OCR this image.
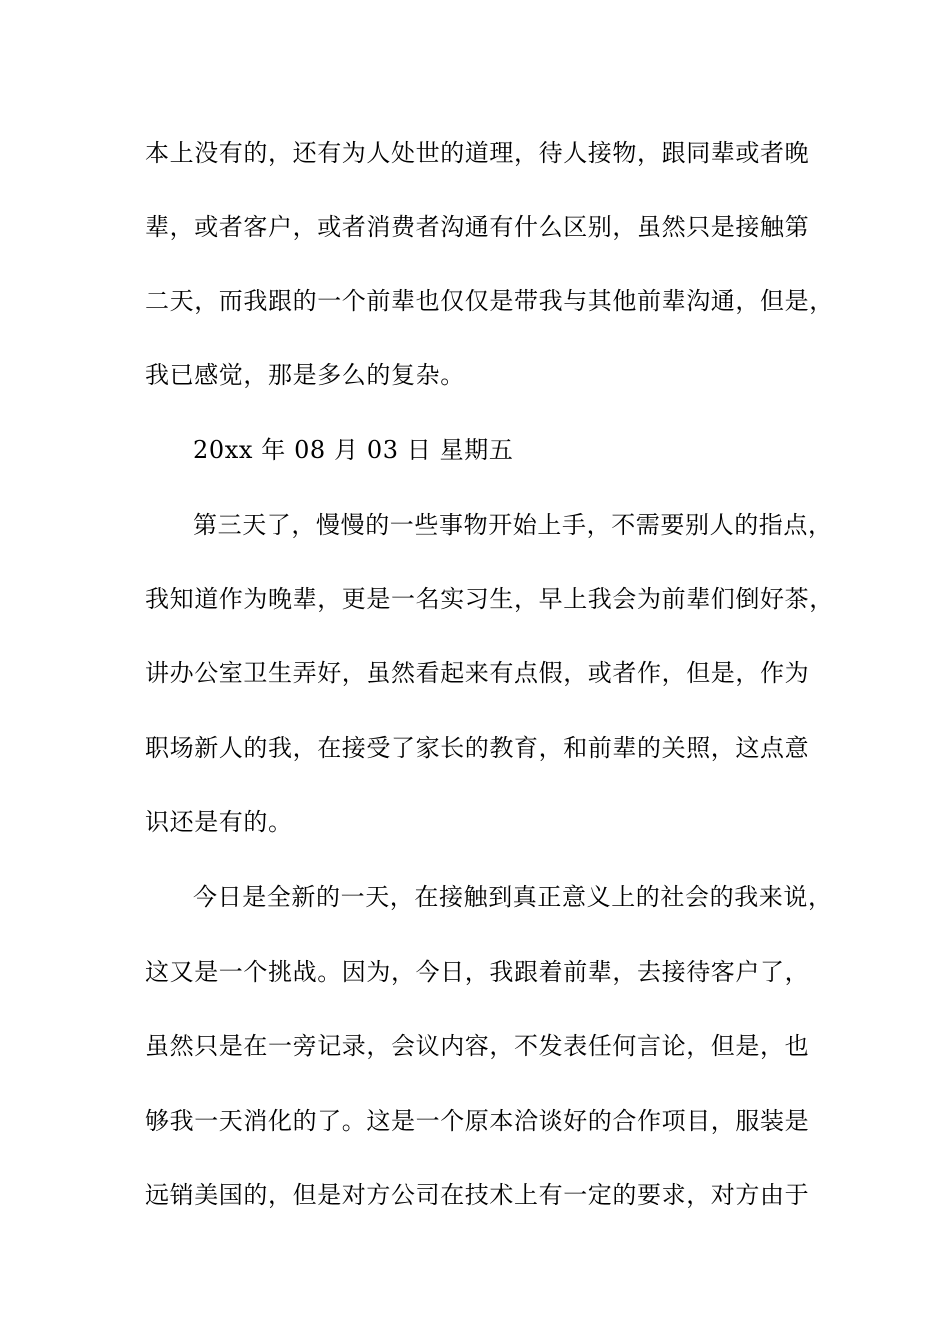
本上没有的，还有为人处世的道理，待人接物，跟同辈或者晚
辈，或者客户，或者消费者沟通有什么区别，虽然只是接触第
二天，而我跟的一个前辈也仅仅是带我与其他前辈沟通，但是，
我已感觉，那是多么的复杂。
20xx 年 08 月 03 日 星期五
第三天了，慢慢的一些事物开始上手，不需要别人的指点，
我知道作为晚辈，更是一名实习生，早上我会为前辈们倒好茶，
讲办公室卫生弄好，虽然看起来有点假，或者作，但是，作为
职场新人的我，在接受了家长的教育，和前辈的关照，这点意
识还是有的。
今日是全新的一天，在接触到真正意义上的社会的我来说，
这又是一个挑战。因为，今日，我跟着前辈，去接待客户了，
虽然只是在一旁记录，会议内容，不发表任何言论，但是，也
够我一天消化的了。这是一个原本洽谈好的合作项目，服装是
远销美国的，但是对方公司在技术上有一定的要求，对方由于
